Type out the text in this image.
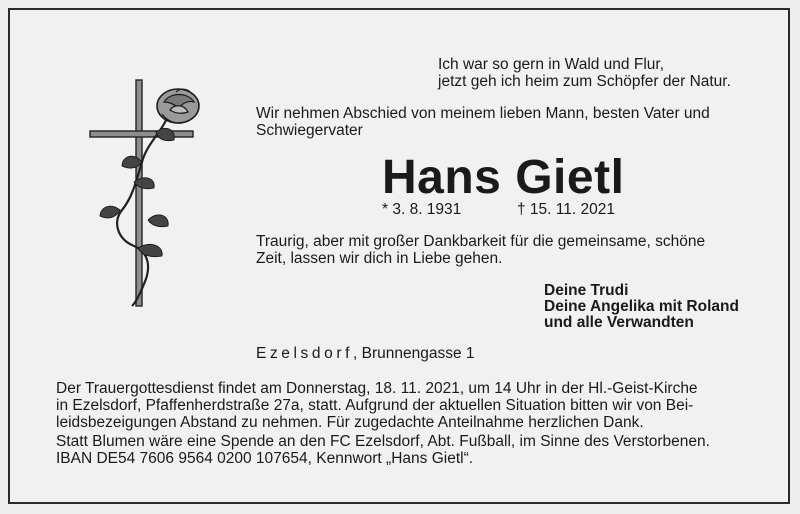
Ich war so gern in Wald und Flur,
jetzt geh ich heim zum Schöpfer der Natur.
Wir nehmen Abschied von meinem lieben Mann, besten Vater und
Schwiegervater
Hans Gietl
* 3. 8. 1931	† 15. 11. 2021
Traurig, aber mit großer Dankbarkeit für die gemeinsame, schöne
Zeit, lassen wir dich in Liebe gehen.
Deine Trudi
Deine Angelika mit Roland
und alle Verwandten
Ezelsdorf, Brunnengasse 1
Der Trauergottesdienst findet am Donnerstag, 18. 11. 2021, um 14 Uhr in der Hl.-Geist-Kirche
in Ezelsdorf, Pfaffenherdstraße 27a, statt. Aufgrund der aktuellen Situation bitten wir von Bei-
leidsbezeigungen Abstand zu nehmen. Für zugedachte Anteilnahme herzlichen Dank.
Statt Blumen wäre eine Spende an den FC Ezelsdorf, Abt. Fußball, im Sinne des Verstorbenen.
IBAN DE54 7606 9564 0200 107654, Kennwort „Hans Gietl“.
